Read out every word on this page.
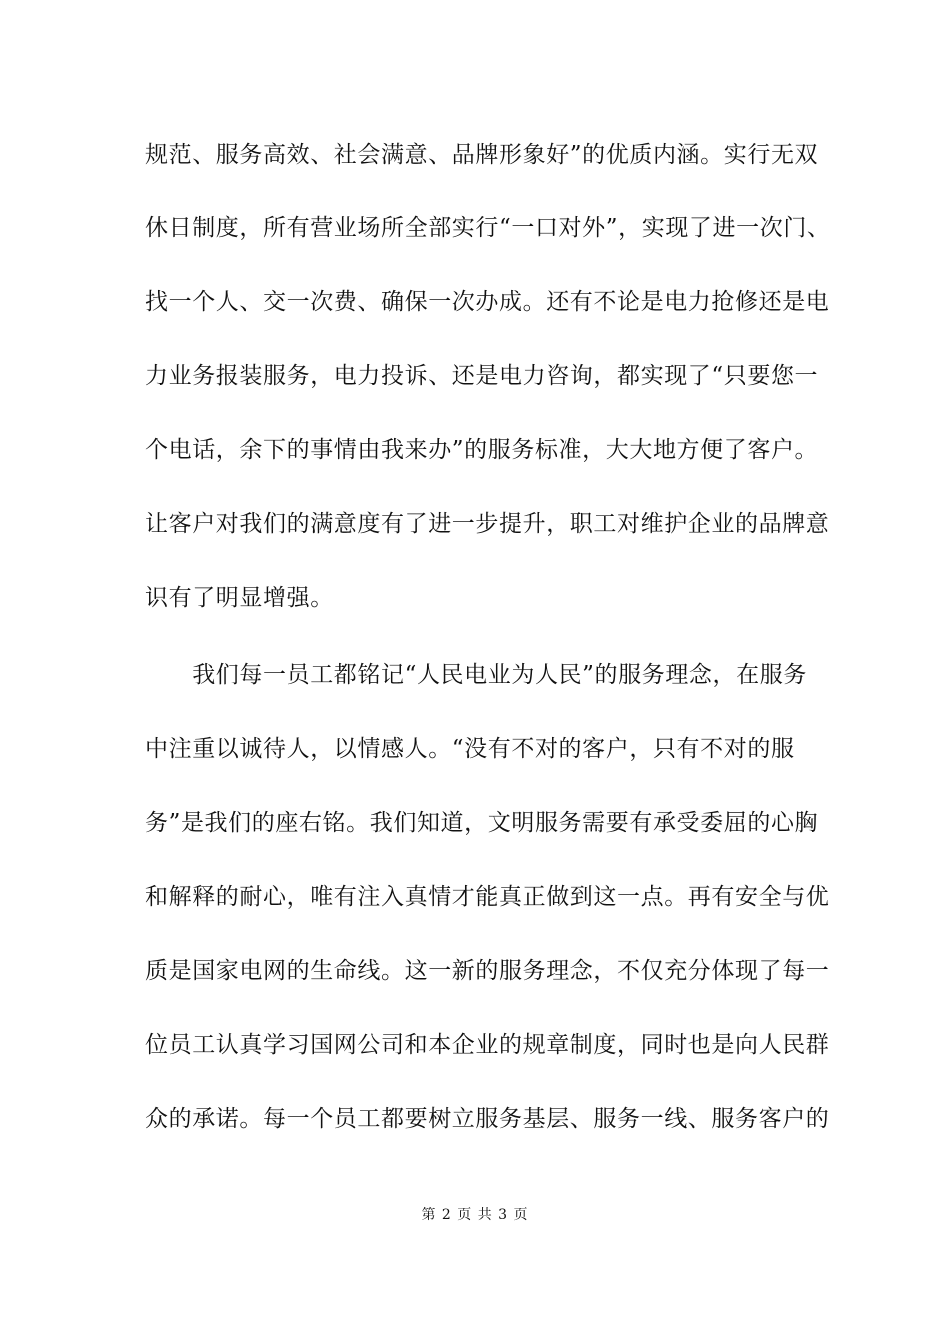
规范、服务高效、社会满意、品牌形象好”的优质内涵。实行无双
休日制度，所有营业场所全部实行“一口对外”，实现了进一次门、
找一个人、交一次费、确保一次办成。还有不论是电力抢修还是电
力业务报装服务，电力投诉、还是电力咨询，都实现了“只要您一
个电话，余下的事情由我来办”的服务标准，大大地方便了客户。
让客户对我们的满意度有了进一步提升，职工对维护企业的品牌意
识有了明显增强。
　　我们每一员工都铭记“人民电业为人民”的服务理念，在服务
中注重以诚待人，以情感人。“没有不对的客户，只有不对的服
务”是我们的座右铭。我们知道，文明服务需要有承受委屈的心胸
和解释的耐心，唯有注入真情才能真正做到这一点。再有安全与优
质是国家电网的生命线。这一新的服务理念，不仅充分体现了每一
位员工认真学习国网公司和本企业的规章制度，同时也是向人民群
众的承诺。每一个员工都要树立服务基层、服务一线、服务客户的
第 2 页 共 3 页
